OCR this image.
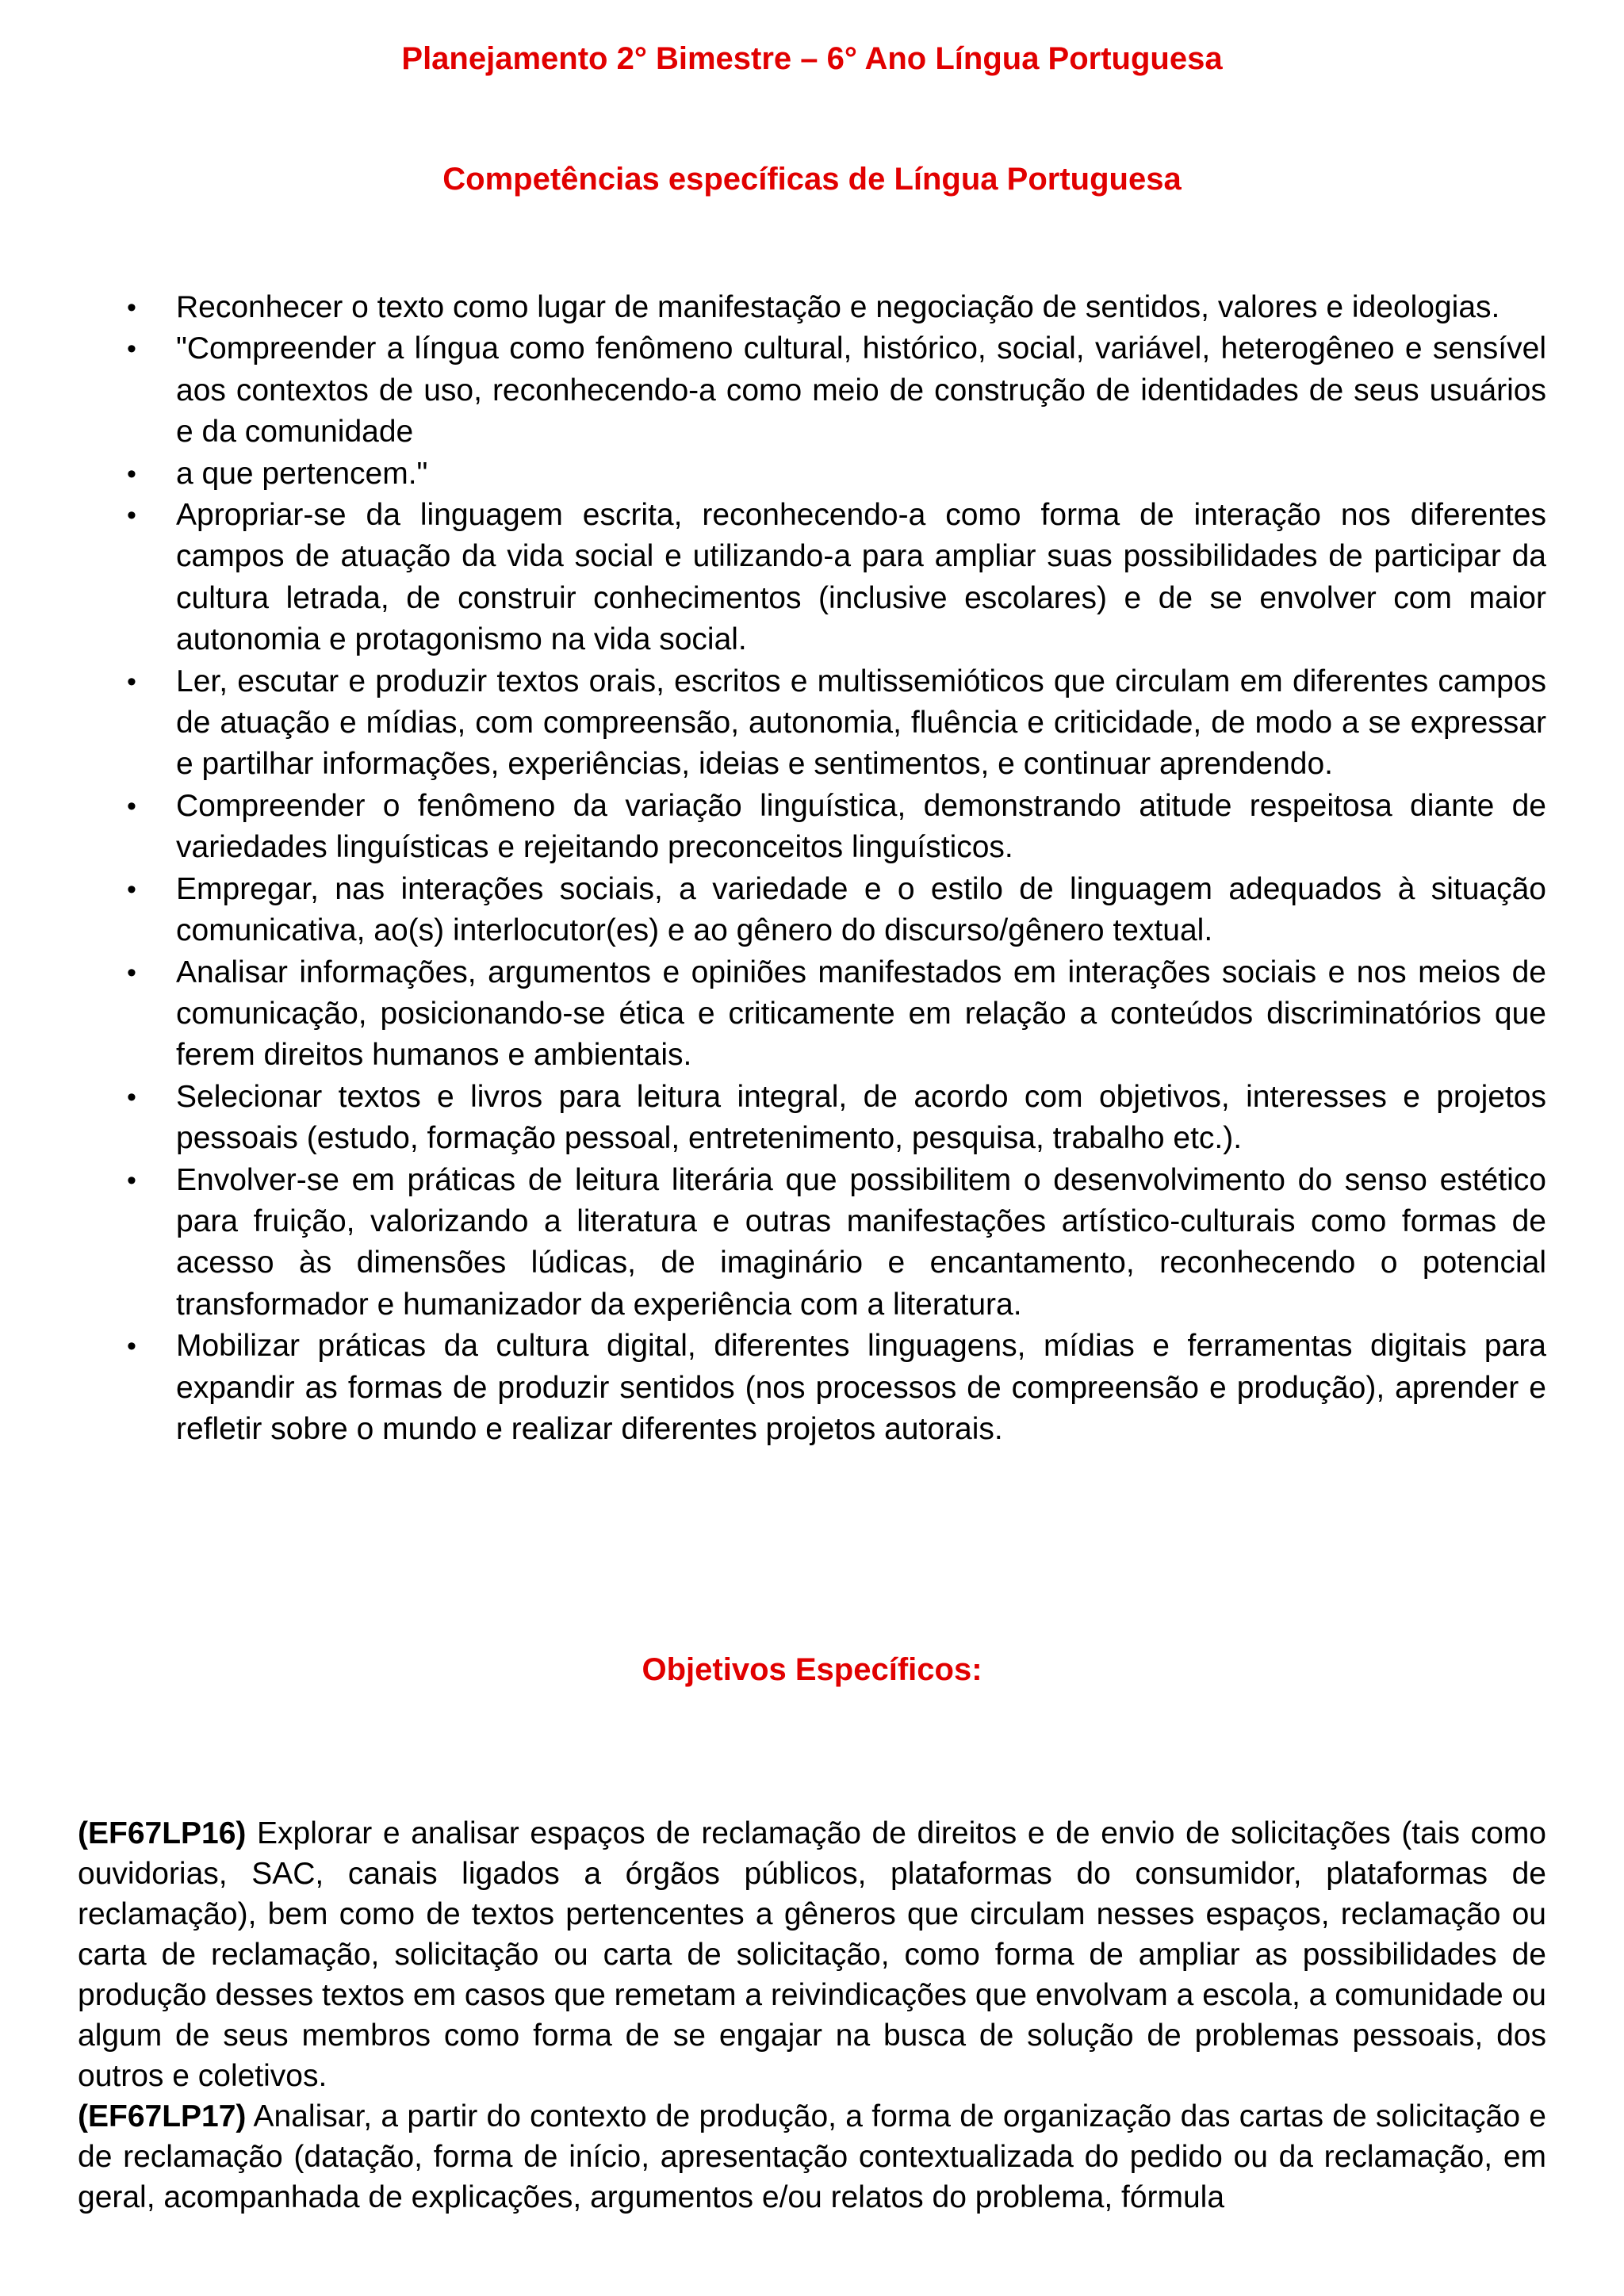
Planejamento 2° Bimestre – 6° Ano Língua Portuguesa
Competências específicas de Língua Portuguesa
• Reconhecer o texto como lugar de manifestação e negociação de sentidos, valores e ideologias.
• "Compreender a língua como fenômeno cultural, histórico, social, variável, heterogêneo e sensível aos contextos de uso, reconhecendo-a como meio de construção de identidades de seus usuários e da comunidade
• a que pertencem."
• Apropriar-se da linguagem escrita, reconhecendo-a como forma de interação nos diferentes campos de atuação da vida social e utilizando-a para ampliar suas possibilidades de participar da cultura letrada, de construir conhecimentos (inclusive escolares) e de se envolver com maior autonomia e protagonismo na vida social.
• Ler, escutar e produzir textos orais, escritos e multissemióticos que circulam em diferentes campos de atuação e mídias, com compreensão, autonomia, fluência e criticidade, de modo a se expressar e partilhar informações, experiências, ideias e sentimentos, e continuar aprendendo.
• Compreender o fenômeno da variação linguística, demonstrando atitude respeitosa diante de variedades linguísticas e rejeitando preconceitos linguísticos.
• Empregar, nas interações sociais, a variedade e o estilo de linguagem adequados à situação comunicativa, ao(s) interlocutor(es) e ao gênero do discurso/gênero textual.
• Analisar informações, argumentos e opiniões manifestados em interações sociais e nos meios de comunicação, posicionando-se ética e criticamente em relação a conteúdos discriminatórios que ferem direitos humanos e ambientais.
• Selecionar textos e livros para leitura integral, de acordo com objetivos, interesses e projetos pessoais (estudo, formação pessoal, entretenimento, pesquisa, trabalho etc.).
• Envolver-se em práticas de leitura literária que possibilitem o desenvolvimento do senso estético para fruição, valorizando a literatura e outras manifestações artístico-culturais como formas de acesso às dimensões lúdicas, de imaginário e encantamento, reconhecendo o potencial transformador e humanizador da experiência com a literatura.
• Mobilizar práticas da cultura digital, diferentes linguagens, mídias e ferramentas digitais para expandir as formas de produzir sentidos (nos processos de compreensão e produção), aprender e refletir sobre o mundo e realizar diferentes projetos autorais.
Objetivos Específicos:

(EF67LP16) Explorar e analisar espaços de reclamação de direitos e de envio de solicitações (tais como ouvidorias, SAC, canais ligados a órgãos públicos, plataformas do consumidor, plataformas de reclamação), bem como de textos pertencentes a gêneros que circulam nesses espaços, reclamação ou carta de reclamação, solicitação ou carta de solicitação, como forma de ampliar as possibilidades de produção desses textos em casos que remetam a reivindicações que envolvam a escola, a comunidade ou algum de seus membros como forma de se engajar na busca de solução de problemas pessoais, dos outros e coletivos.

(EF67LP17) Analisar, a partir do contexto de produção, a forma de organização das cartas de solicitação e de reclamação (datação, forma de início, apresentação contextualizada do pedido ou da reclamação, em geral, acompanhada de explicações, argumentos e/ou relatos do problema, fórmula
